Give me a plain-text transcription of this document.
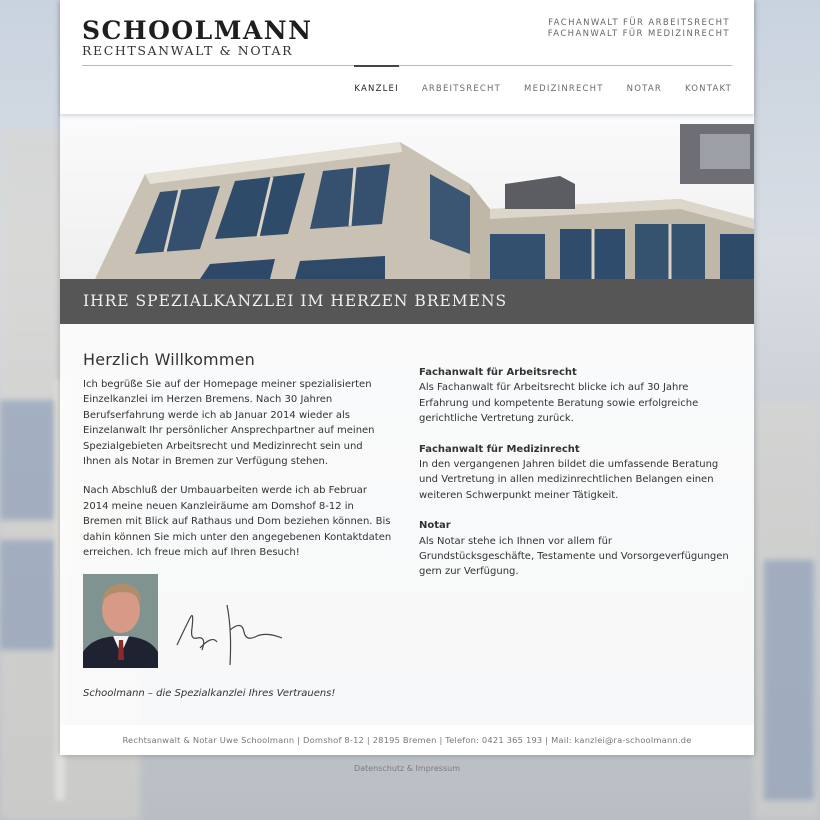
SCHOOLMANN
RECHTSANWALT & NOTAR
FACHANWALT FÜR ARBEITSRECHT
FACHANWALT FÜR MEDIZINRECHT
KANZLEI	ARBEITSRECHT	MEDIZINRECHT	NOTAR	KONTAKT
IHRE SPEZIALKANZLEI IM HERZEN BREMENS
Herzlich Willkommen

Ich begrüße Sie auf der Homepage meiner spezialisierten Einzelkanzlei im Herzen Bremens. Nach 30 Jahren Berufserfahrung werde ich ab Januar 2014 wieder als Einzelanwalt Ihr persönlicher Ansprechpartner auf meinen Spezialgebieten Arbeitsrecht und Medizinrecht sein und Ihnen als Notar in Bremen zur Verfügung stehen.

Nach Abschluß der Umbauarbeiten werde ich ab Februar 2014 meine neuen Kanzleiräume am Domshof 8-12 in Bremen mit Blick auf Rathaus und Dom beziehen können. Bis dahin können Sie mich unter den angegebenen Kontaktdaten erreichen. Ich freue mich auf Ihren Besuch!

Schoolmann – die Spezialkanzlei Ihres Vertrauens!
Fachanwalt für Arbeitsrecht
Als Fachanwalt für Arbeitsrecht blicke ich auf 30 Jahre Erfahrung und kompetente Beratung sowie erfolgreiche gerichtliche Vertretung zurück.
Fachanwalt für Medizinrecht
In den vergangenen Jahren bildet die umfassende Beratung und Vertretung in allen medizinrechtlichen Belangen einen weiteren Schwerpunkt meiner Tätigkeit.
Notar
Als Notar stehe ich Ihnen vor allem für Grundstücksgeschäfte, Testamente und Vorsorgeverfügungen gern zur Verfügung.
Rechtsanwalt & Notar Uwe Schoolmann | Domshof 8-12 | 28195 Bremen | Telefon: 0421 365 193 | Mail: kanzlei@ra-schoolmann.de
Datenschutz & Impressum
